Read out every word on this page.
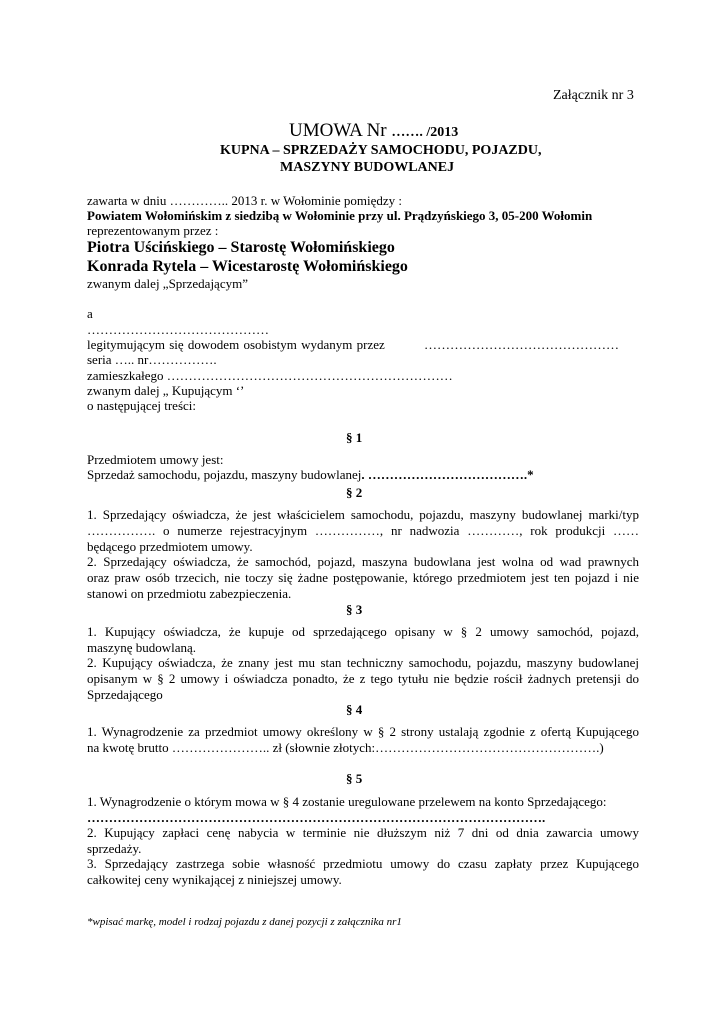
Załącznik nr 3
UMOWA Nr ……. /2013
KUPNA – SPRZEDAŻY SAMOCHODU, POJAZDU,
MASZYNY BUDOWLANEJ
zawarta w dniu ………….. 2013 r. w Wołominie pomiędzy :
Powiatem Wołomińskim z siedzibą w Wołominie przy ul. Prądzyńskiego 3, 05-200 Wołomin
reprezentowanym przez :
Piotra Uścińskiego – Starostę Wołomińskiego
Konrada Rytela – Wicestarostę Wołomińskiego
zwanym dalej „Sprzedającym”
a
……………………………………
legitymującym się dowodem osobistym wydanym przez	………………………………………
seria ….. nr…………….
zamieszkałego …………………………………………………………
zwanym dalej „ Kupującym ‘’
o następującej treści:
§ 1
Przedmiotem umowy jest:
Sprzedaż samochodu, pojazdu, maszyny budowlanej. ……………………………….*
§ 2
1. Sprzedający oświadcza, że jest właścicielem samochodu, pojazdu, maszyny budowlanej marki/typ
……………. o numerze rejestracyjnym ……………, nr nadwozia …………, rok produkcji ……
będącego przedmiotem umowy.
2. Sprzedający oświadcza, że samochód, pojazd, maszyna budowlana jest wolna od wad prawnych
oraz praw osób trzecich, nie toczy się żadne postępowanie, którego przedmiotem jest ten pojazd i nie
stanowi on przedmiotu zabezpieczenia.
§ 3
1. Kupujący oświadcza, że kupuje od sprzedającego opisany w § 2 umowy samochód, pojazd,
maszynę budowlaną.
2. Kupujący oświadcza, że znany jest mu stan techniczny samochodu, pojazdu, maszyny budowlanej
opisanym w § 2 umowy i oświadcza ponadto, że z tego tytułu nie będzie rościł żadnych pretensji do
Sprzedającego
§ 4
1. Wynagrodzenie za przedmiot umowy określony w § 2 strony ustalają zgodnie z ofertą Kupującego
na kwotę brutto ………………….. zł (słownie złotych:…………………………………………….)
§ 5
1. Wynagrodzenie o którym mowa w § 4 zostanie uregulowane przelewem na konto Sprzedającego:
…………………………………………………………………………………………….
2. Kupujący zapłaci cenę nabycia w terminie nie dłuższym niż 7 dni od dnia zawarcia umowy
sprzedaży.
3. Sprzedający zastrzega sobie własność przedmiotu umowy do czasu zapłaty przez Kupującego
całkowitej ceny wynikającej z niniejszej umowy.
*wpisać markę, model i rodzaj pojazdu z danej pozycji z załącznika nr1
